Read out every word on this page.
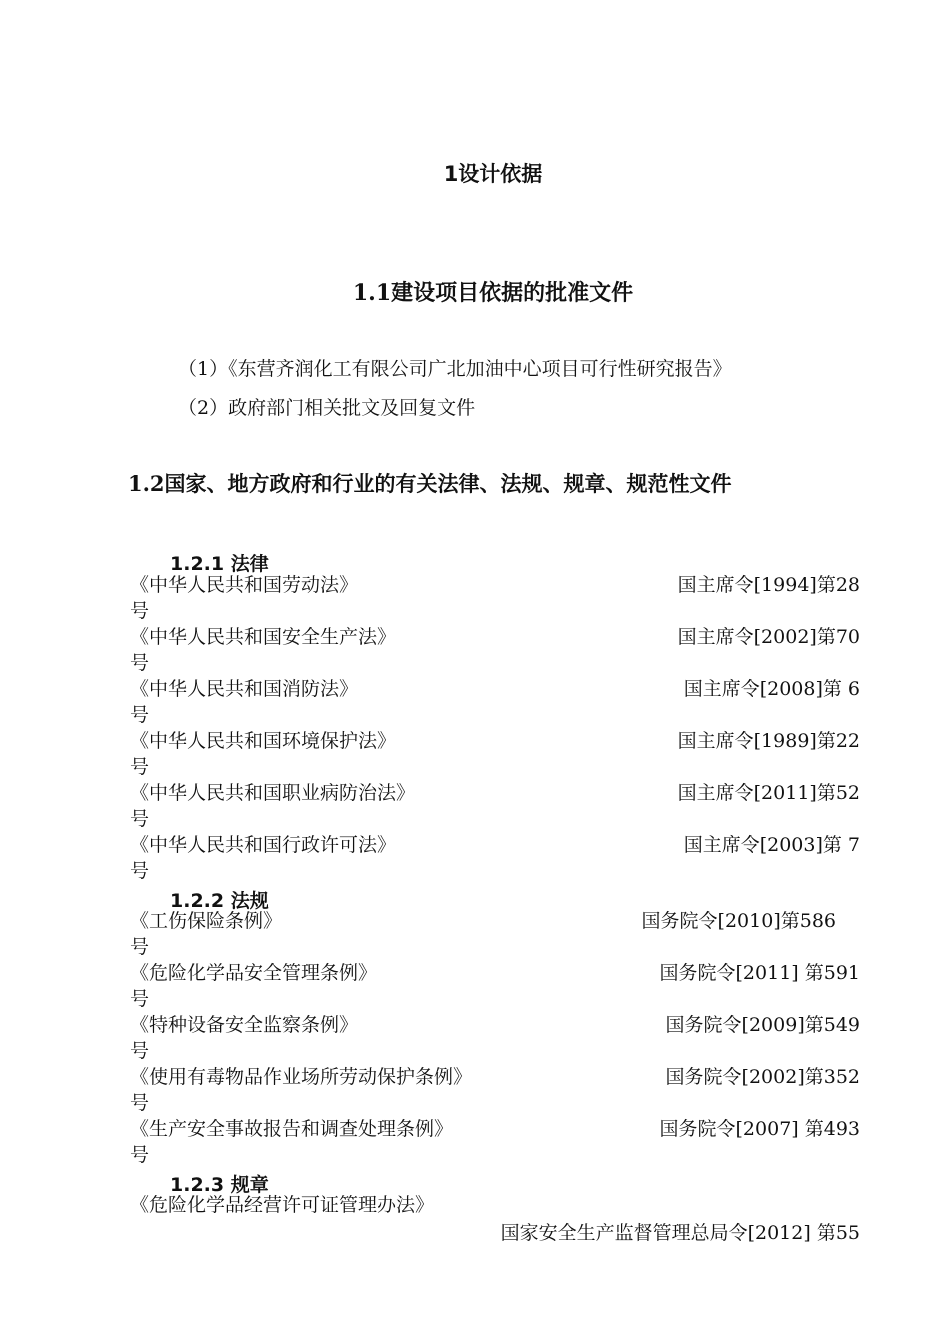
1设计依据
1.1建设项目依据的批准文件
（1）《东营齐润化工有限公司广北加油中心项目可行性研究报告》
（2）政府部门相关批文及回复文件
1.2国家、地方政府和行业的有关法律、法规、规章、规范性文件
1.2.1 法律
《中华人民共和国劳动法》	国主席令[1994]第28
号
《中华人民共和国安全生产法》	国主席令[2002]第70
号
《中华人民共和国消防法》	国主席令[2008]第 6
号
《中华人民共和国环境保护法》	国主席令[1989]第22
号
《中华人民共和国职业病防治法》	国主席令[2011]第52
号
《中华人民共和国行政许可法》	国主席令[2003]第 7
号
1.2.2 法规
《工伤保险条例》	国务院令[2010]第586
号
《危险化学品安全管理条例》	国务院令[2011] 第591
号
《特种设备安全监察条例》	国务院令[2009]第549
号
《使用有毒物品作业场所劳动保护条例》	国务院令[2002]第352
号
《生产安全事故报告和调查处理条例》	国务院令[2007] 第493
号
1.2.3 规章
《危险化学品经营许可证管理办法》
国家安全生产监督管理总局令[2012] 第55
